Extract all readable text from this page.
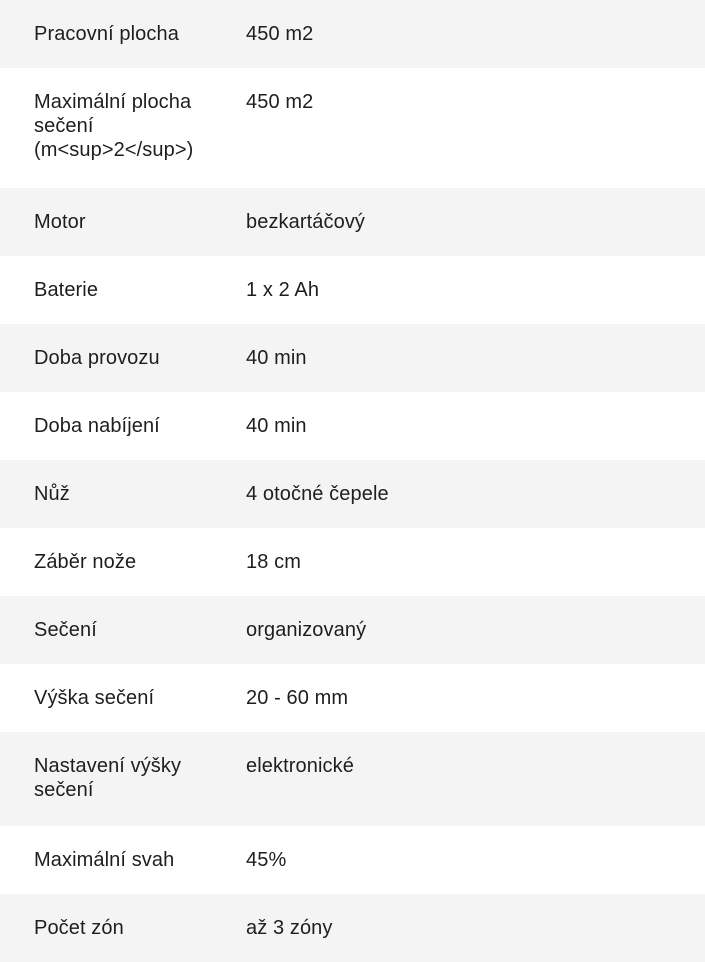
Pracovní plocha	450 m2
Maximální plocha sečení (m<sup>2</sup>)	450 m2
Motor	bezkartáčový
Baterie	1 x 2 Ah
Doba provozu	40 min
Doba nabíjení	40 min
Nůž	4 otočné čepele
Záběr nože	18 cm
Sečení	organizovaný
Výška sečení	20 - 60 mm
Nastavení výšky sečení	elektronické
Maximální svah	45%
Počet zón	až 3 zóny
